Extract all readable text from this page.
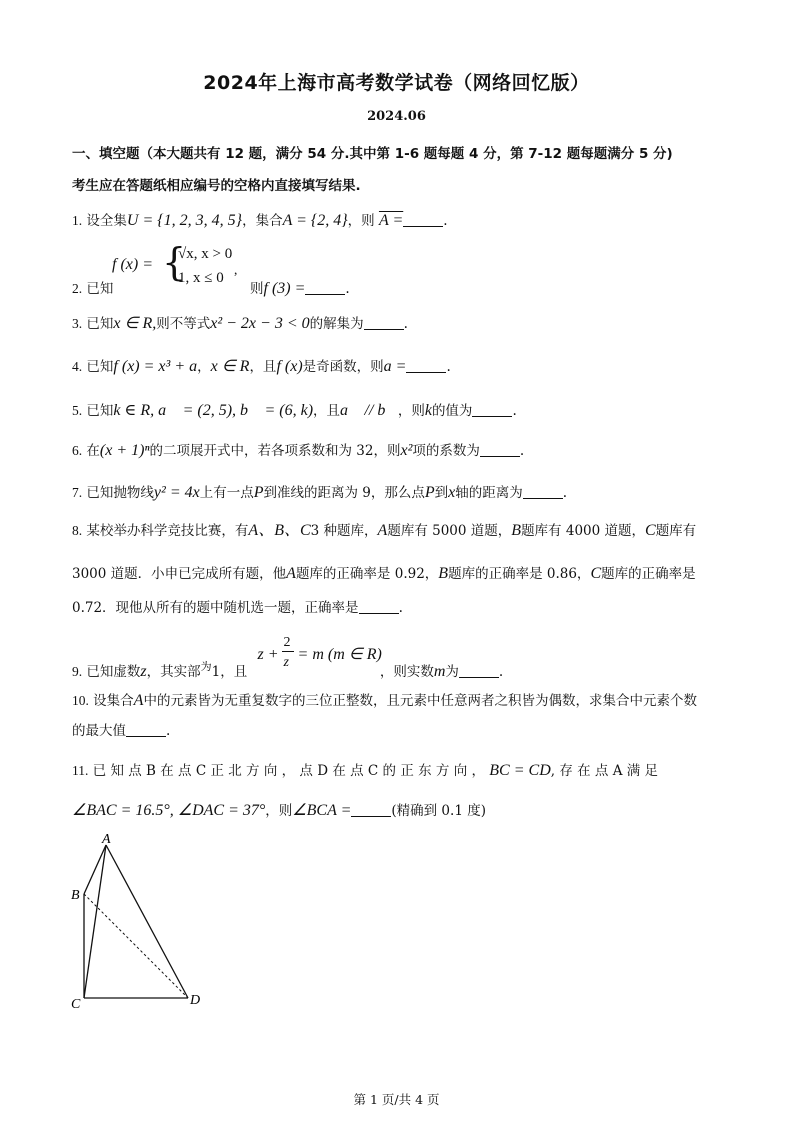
2024年上海市高考数学试卷（网络回忆版）
2024.06
一、填空题（本大题共有 12 题，满分 54 分.其中第 1-6 题每题 4 分，第 7-12 题每题满分 5 分)
考生应在答题纸相应编号的空格内直接填写结果.
1. 设全集U = {1, 2, 3, 4, 5}，集合A = {2, 4}，则 A =	.
f (x) = {
√x, x > 0
1, x ≤ 0
,
2. 已知	则f (3) =	.
3. 已知x ∈ R,则不等式x² − 2x − 3 < 0的解集为	.
4. 已知f (x) = x³ + a，x ∈ R，且f (x)是奇函数，则a =	.
5. 已知k ∈ R, a⃗ = (2, 5), b⃗ = (6, k)，且a⃗ // b⃗，则k的值为	.
6. 在(x + 1)ⁿ的二项展开式中，若各项系数和为 32，则x²项的系数为	.
7. 已知抛物线y² = 4x上有一点P到准线的距离为 9，那么点P到x轴的距离为	.
8. 某校举办科学竞技比赛，有A、B、C3 种题库，A题库有 5000 道题，B题库有 4000 道题，C题库有
3000 道题．小申已完成所有题，他A题库的正确率是 0.92，B题库的正确率是 0.86，C题库的正确率是
0.72．现他从所有的题中随机选一题，正确率是	.
9. 已知虚数z，其实部$^为$1，且
z +
2
z = m (m ∈ R)
，则实数m为	.
10. 设集合A中的元素皆为无重复数字的三位正整数，且元素中任意两者之积皆为偶数，求集合中元素个数
的最大值	.
11. 已 知 点 B 在 点 C 正 北 方 向 ， 点 D 在 点 C 的 正 东 方 向 ， BC = CD, 存 在 点 A 满 足
∠BAC = 16.5°, ∠DAC = 37°，则∠BCA =	(精确到 0.1 度)
A
B
C	D
第 1 页/共 4 页
